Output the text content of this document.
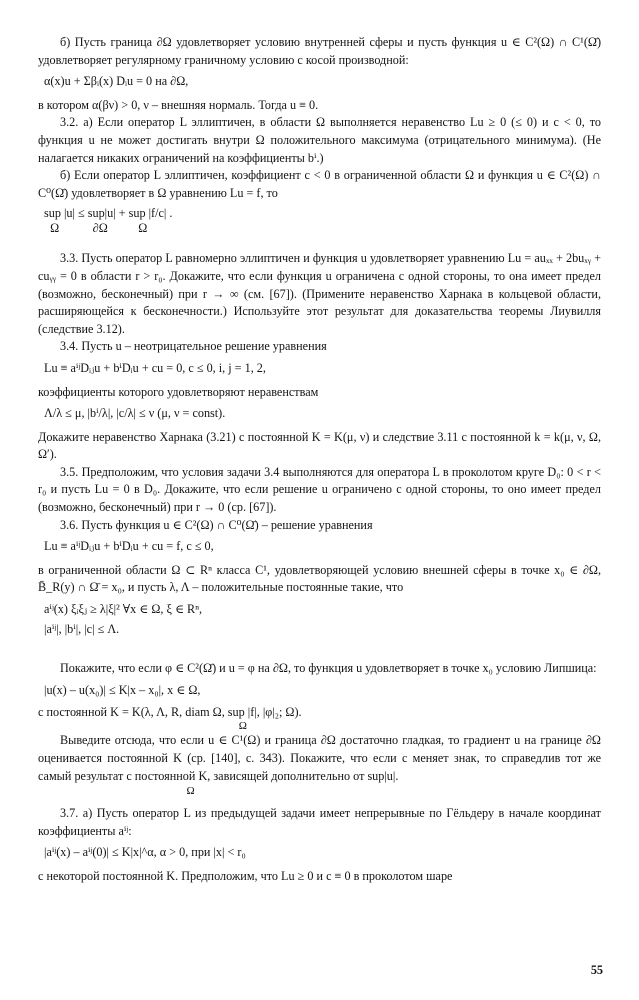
б) Пусть граница ∂Ω удовлетворяет условию внутренней сферы и пусть функция u ∈ C²(Ω) ∩ C¹(Ω̄) удовлетворяет регулярному граничному условию с косой производной:
α(x)u + Σβᵢ(x) Dᵢu = 0 на ∂Ω,
в котором α(βν) > 0, ν – внешняя нормаль. Тогда u ≡ 0.
3.2. а) Если оператор L эллиптичен, в области Ω выполняется неравенство Lu ≥ 0 (≤ 0) и c < 0, то функция u не может достигать внутри Ω положительного максимума (отрицательного минимума). (Не налагается никаких ограничений на коэффициенты bⁱ.)
б) Если оператор L эллиптичен, коэффициент c < 0 в ограниченной области Ω и функция u ∈ C²(Ω) ∩ C⁰(Ω̄) удовлетворяет в Ω уравнению Lu = f, то
sup |u| ≤ sup|u| + sup |f/c| .
Ω           ∂Ω          Ω
3.3. Пусть оператор L равномерно эллиптичен и функция u удовлетворяет уравнению Lu = auₓₓ + 2buₓᵧ + cuᵧᵧ = 0 в области r > r₀. Докажите, что если функция u ограничена с одной стороны, то она имеет предел (возможно, бесконечный) при r → ∞ (см. [67]). (Примените неравенство Харнака в кольцевой области, расширяющейся к бесконечности.) Используйте этот результат для доказательства теоремы Лиувилля (следствие 3.12).
3.4. Пусть u – неотрицательное решение уравнения
Lu ≡ aⁱʲDᵢⱼu + bⁱDᵢu + cu = 0, c ≤ 0, i, j = 1, 2,
коэффициенты которого удовлетворяют неравенствам
Λ/λ ≤ μ, |bⁱ/λ|, |c/λ| ≤ ν (μ, ν = const).
Докажите неравенство Харнака (3.21) с постоянной K = K(μ, ν) и следствие 3.11 с постоянной k = k(μ, ν, Ω, Ω′).
3.5. Предположим, что условия задачи 3.4 выполняются для оператора L в проколотом круге D₀: 0 < r < r₀ и пусть Lu = 0 в D₀. Докажите, что если решение u ограничено с одной стороны, то оно имеет предел (возможно, бесконечный) при r → 0 (ср. [67]).
3.6. Пусть функция u ∈ C²(Ω) ∩ C⁰(Ω̄) – решение уравнения
Lu ≡ aⁱʲDᵢⱼu + bⁱDᵢu + cu = f, c ≤ 0,
в ограниченной области Ω ⊂ Rⁿ класса C¹, удовлетворяющей условию внешней сферы в точке x₀ ∈ ∂Ω, B̄_R(y) ∩ Ω̄ = x₀, и пусть λ, Λ – положительные постоянные такие, что
aⁱʲ(x) ξᵢξⱼ ≥ λ|ξ|² ∀x ∈ Ω, ξ ∈ Rⁿ,
|aⁱʲ|, |bⁱ|, |c| ≤ Λ.
Покажите, что если φ ∈ C²(Ω̄) и u = φ на ∂Ω, то функция u удовлетворяет в точке x₀ условию Липшица:
|u(x) – u(x₀)| ≤ K|x – x₀|, x ∈ Ω,
с постоянной K = K(λ, Λ, R, diam Ω, sup |f|, |φ|₂; Ω).
Ω
Выведите отсюда, что если u ∈ C¹(Ω) и граница ∂Ω достаточно гладкая, то градиент u на границе ∂Ω оценивается постоянной K (ср. [140], с. 343). Покажите, что если c меняет знак, то справедлив тот же самый результат с постоянной K, зависящей дополнительно от sup|u|.
Ω
3.7. а) Пусть оператор L из предыдущей задачи имеет непрерывные по Гёльдеру в начале координат коэффициенты aⁱʲ:
|aⁱʲ(x) – aⁱʲ(0)| ≤ K|x|^α, α > 0, при |x| < r₀
с некоторой постоянной K. Предположим, что Lu ≥ 0 и c ≡ 0 в проколотом шаре
55
